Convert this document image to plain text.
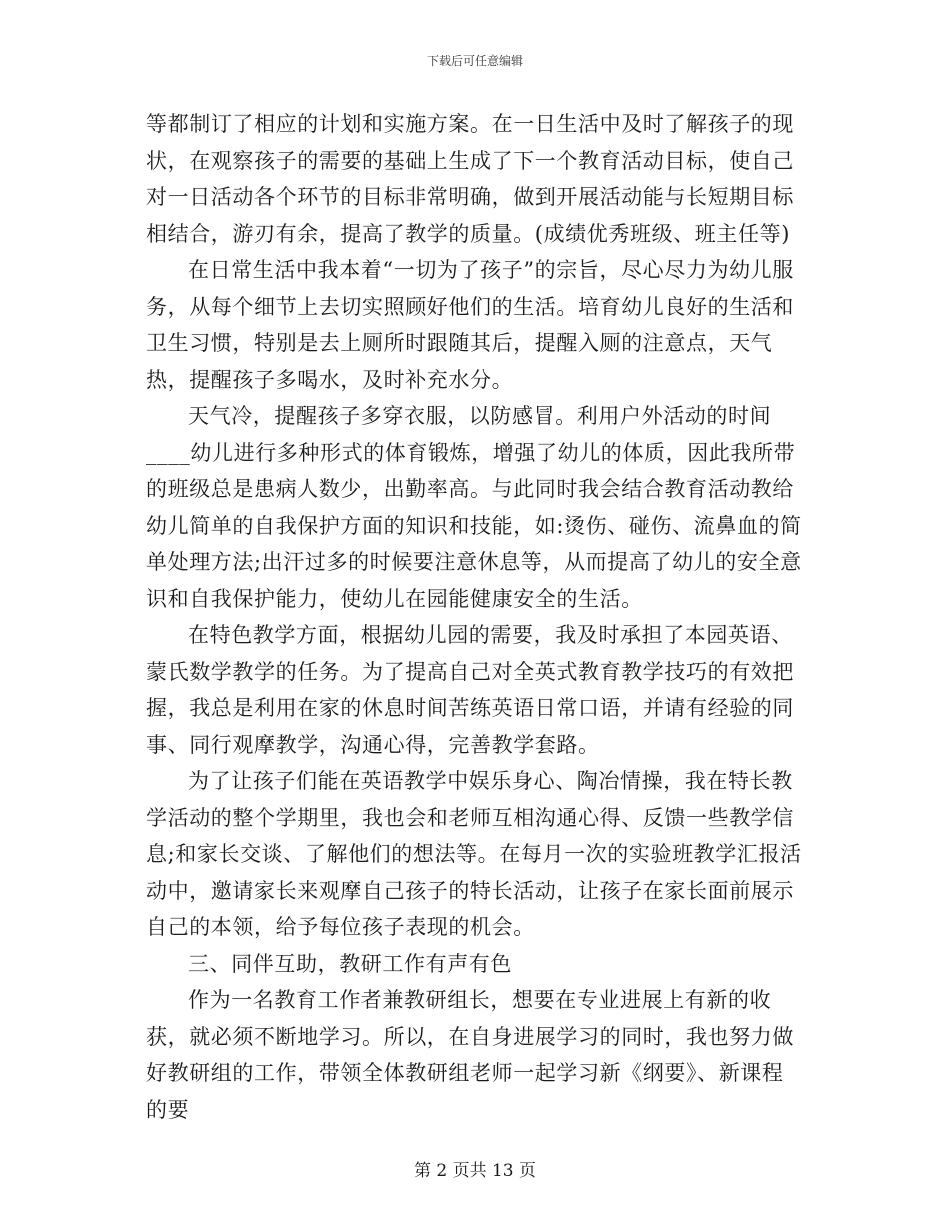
下载后可任意编辑

等都制订了相应的计划和实施方案。在一日生活中及时了解孩子的现状，在观察孩子的需要的基础上生成了下一个教育活动目标，使自己对一日活动各个环节的目标非常明确，做到开展活动能与长短期目标相结合，游刃有余，提高了教学的质量。(成绩优秀班级、班主任等)

在日常生活中我本着“一切为了孩子”的宗旨，尽心尽力为幼儿服务，从每个细节上去切实照顾好他们的生活。培育幼儿良好的生活和卫生习惯，特别是去上厕所时跟随其后，提醒入厕的注意点，天气热，提醒孩子多喝水，及时补充水分。

天气冷，提醒孩子多穿衣服，以防感冒。利用户外活动的时间____幼儿进行多种形式的体育锻炼，增强了幼儿的体质，因此我所带的班级总是患病人数少，出勤率高。与此同时我会结合教育活动教给幼儿简单的自我保护方面的知识和技能，如:烫伤、碰伤、流鼻血的简单处理方法;出汗过多的时候要注意休息等，从而提高了幼儿的安全意识和自我保护能力，使幼儿在园能健康安全的生活。

在特色教学方面，根据幼儿园的需要，我及时承担了本园英语、蒙氏数学教学的任务。为了提高自己对全英式教育教学技巧的有效把握，我总是利用在家的休息时间苦练英语日常口语，并请有经验的同事、同行观摩教学，沟通心得，完善教学套路。

为了让孩子们能在英语教学中娱乐身心、陶冶情操，我在特长教学活动的整个学期里，我也会和老师互相沟通心得、反馈一些教学信息;和家长交谈、了解他们的想法等。在每月一次的实验班教学汇报活动中，邀请家长来观摩自己孩子的特长活动，让孩子在家长面前展示自己的本领，给予每位孩子表现的机会。

三、同伴互助，教研工作有声有色

作为一名教育工作者兼教研组长，想要在专业进展上有新的收获，就必须不断地学习。所以，在自身进展学习的同时，我也努力做好教研组的工作，带领全体教研组老师一起学习新《纲要》、新课程的要

第 2 页共 13 页
